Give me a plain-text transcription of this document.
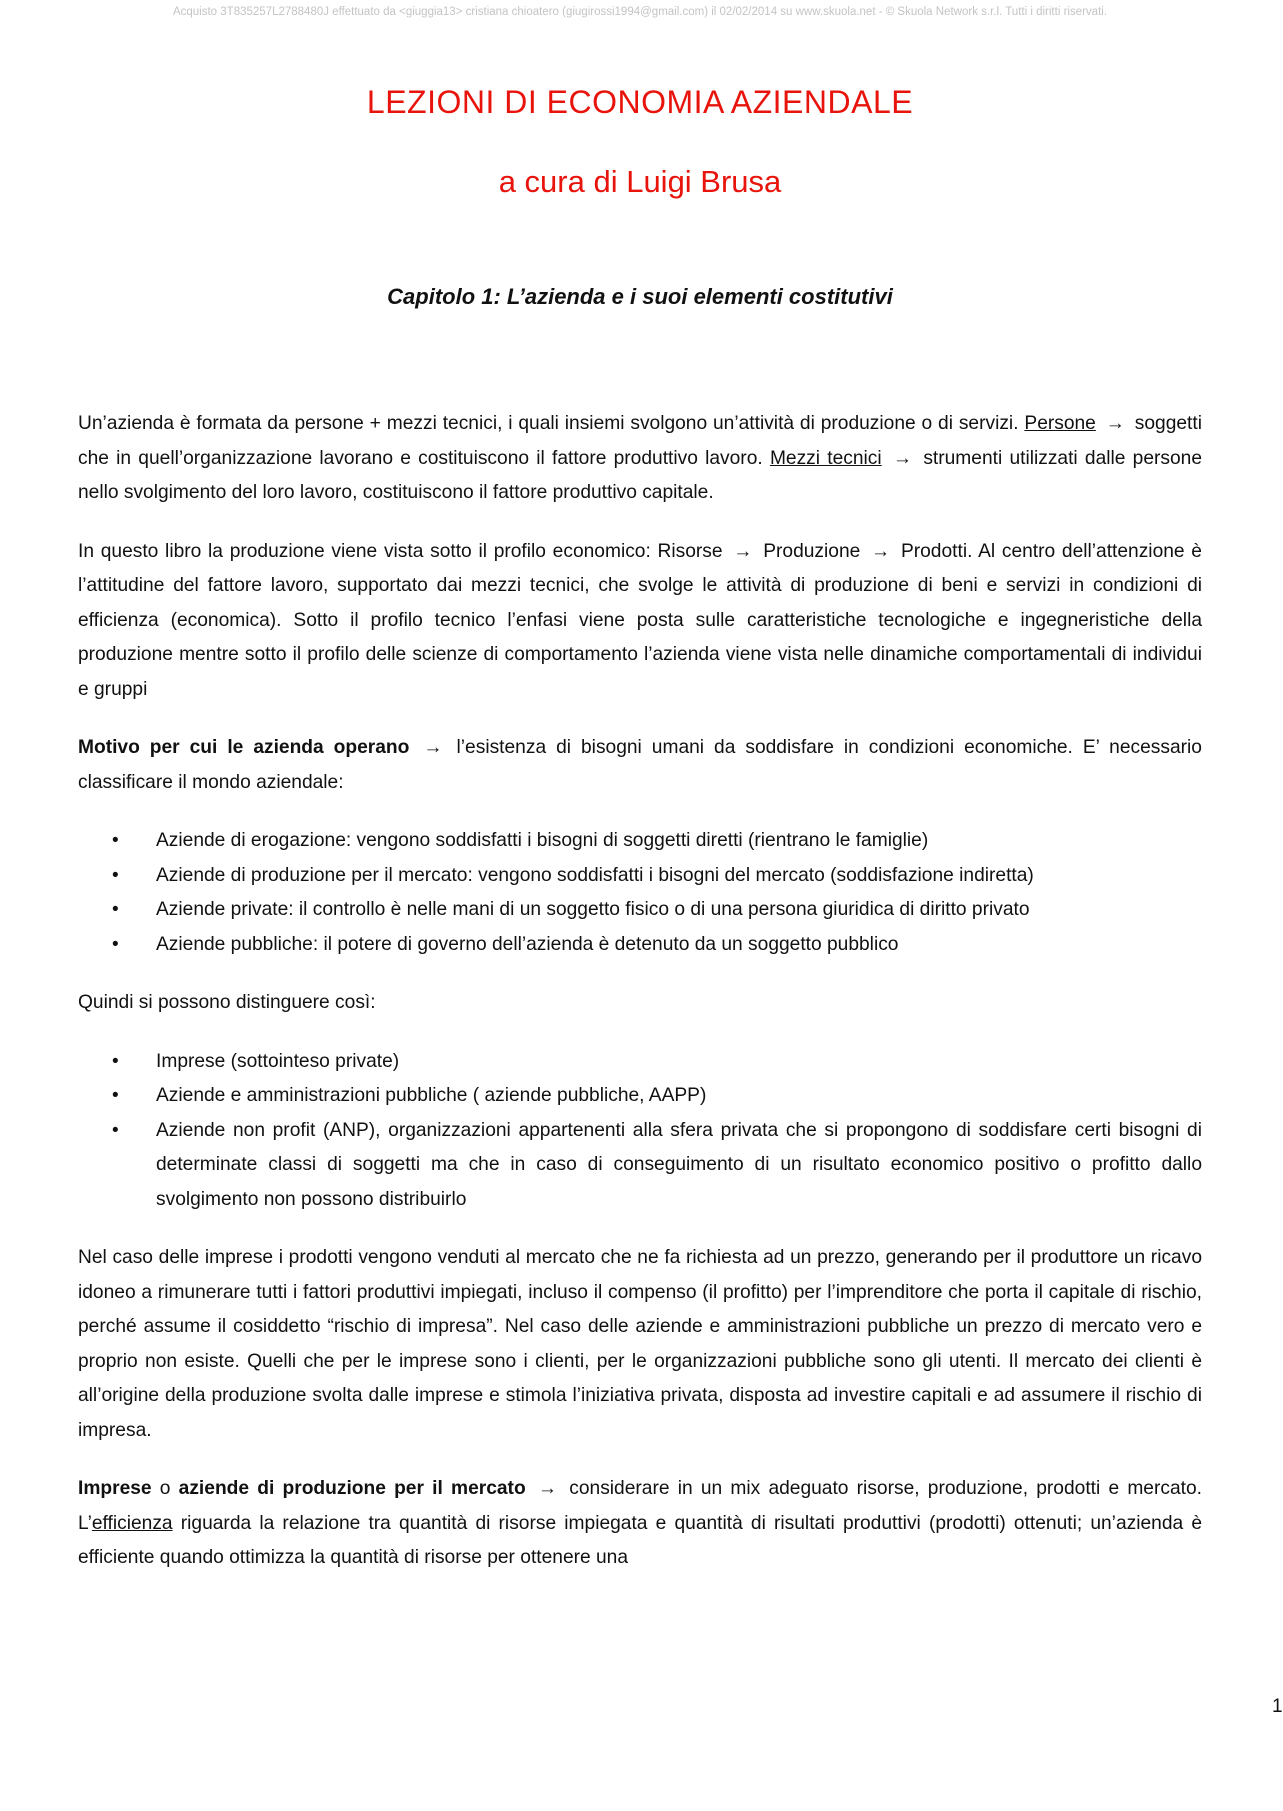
Acquisto 3T835257L2788480J effettuato da <giuggia13> cristiana chioatero (giugirossi1994@gmail.com) il 02/02/2014 su www.skuola.net - © Skuola Network s.r.l. Tutti i diritti riservati.
LEZIONI DI ECONOMIA AZIENDALE
a cura di Luigi Brusa
Capitolo 1: L’azienda e i suoi elementi costitutivi

Un’azienda è formata da persone + mezzi tecnici, i quali insiemi svolgono un’attività di produzione o di servizi. Persone → soggetti che in quell’organizzazione lavorano e costituiscono il fattore produttivo lavoro. Mezzi tecnici → strumenti utilizzati dalle persone nello svolgimento del loro lavoro, costituiscono il fattore produttivo capitale.

In questo libro la produzione viene vista sotto il profilo economico: Risorse → Produzione → Prodotti. Al centro dell’attenzione è l’attitudine del fattore lavoro, supportato dai mezzi tecnici, che svolge le attività di produzione di beni e servizi in condizioni di efficienza (economica). Sotto il profilo tecnico l’enfasi viene posta sulle caratteristiche tecnologiche e ingegneristiche della produzione mentre sotto il profilo delle scienze di comportamento l’azienda viene vista nelle dinamiche comportamentali di individui e gruppi

Motivo per cui le azienda operano → l’esistenza di bisogni umani da soddisfare in condizioni economiche. E’ necessario classificare il mondo aziendale:

• Aziende di erogazione: vengono soddisfatti i bisogni di soggetti diretti (rientrano le famiglie)
• Aziende di produzione per il mercato: vengono soddisfatti i bisogni del mercato (soddisfazione indiretta)
• Aziende private: il controllo è nelle mani di un soggetto fisico o di una persona giuridica di diritto privato
• Aziende pubbliche: il potere di governo dell’azienda è detenuto da un soggetto pubblico

Quindi si possono distinguere così:

• Imprese (sottointeso private)
• Aziende e amministrazioni pubbliche ( aziende pubbliche, AAPP)
• Aziende non profit (ANP), organizzazioni appartenenti alla sfera privata che si propongono di soddisfare certi bisogni di determinate classi di soggetti ma che in caso di conseguimento di un risultato economico positivo o profitto dallo svolgimento non possono distribuirlo

Nel caso delle imprese i prodotti vengono venduti al mercato che ne fa richiesta ad un prezzo, generando per il produttore un ricavo idoneo a rimunerare tutti i fattori produttivi impiegati, incluso il compenso (il profitto) per l’imprenditore che porta il capitale di rischio, perché assume il cosiddetto “rischio di impresa”. Nel caso delle aziende e amministrazioni pubbliche un prezzo di mercato vero e proprio non esiste. Quelli che per le imprese sono i clienti, per le organizzazioni pubbliche sono gli utenti. Il mercato dei clienti è all’origine della produzione svolta dalle imprese e stimola l’iniziativa privata, disposta ad investire capitali e ad assumere il rischio di impresa.

Imprese o aziende di produzione per il mercato → considerare in un mix adeguato risorse, produzione, prodotti e mercato. L’efficienza riguarda la relazione tra quantità di risorse impiegata e quantità di risultati produttivi (prodotti) ottenuti; un’azienda è efficiente quando ottimizza la quantità di risorse per ottenere una

1
